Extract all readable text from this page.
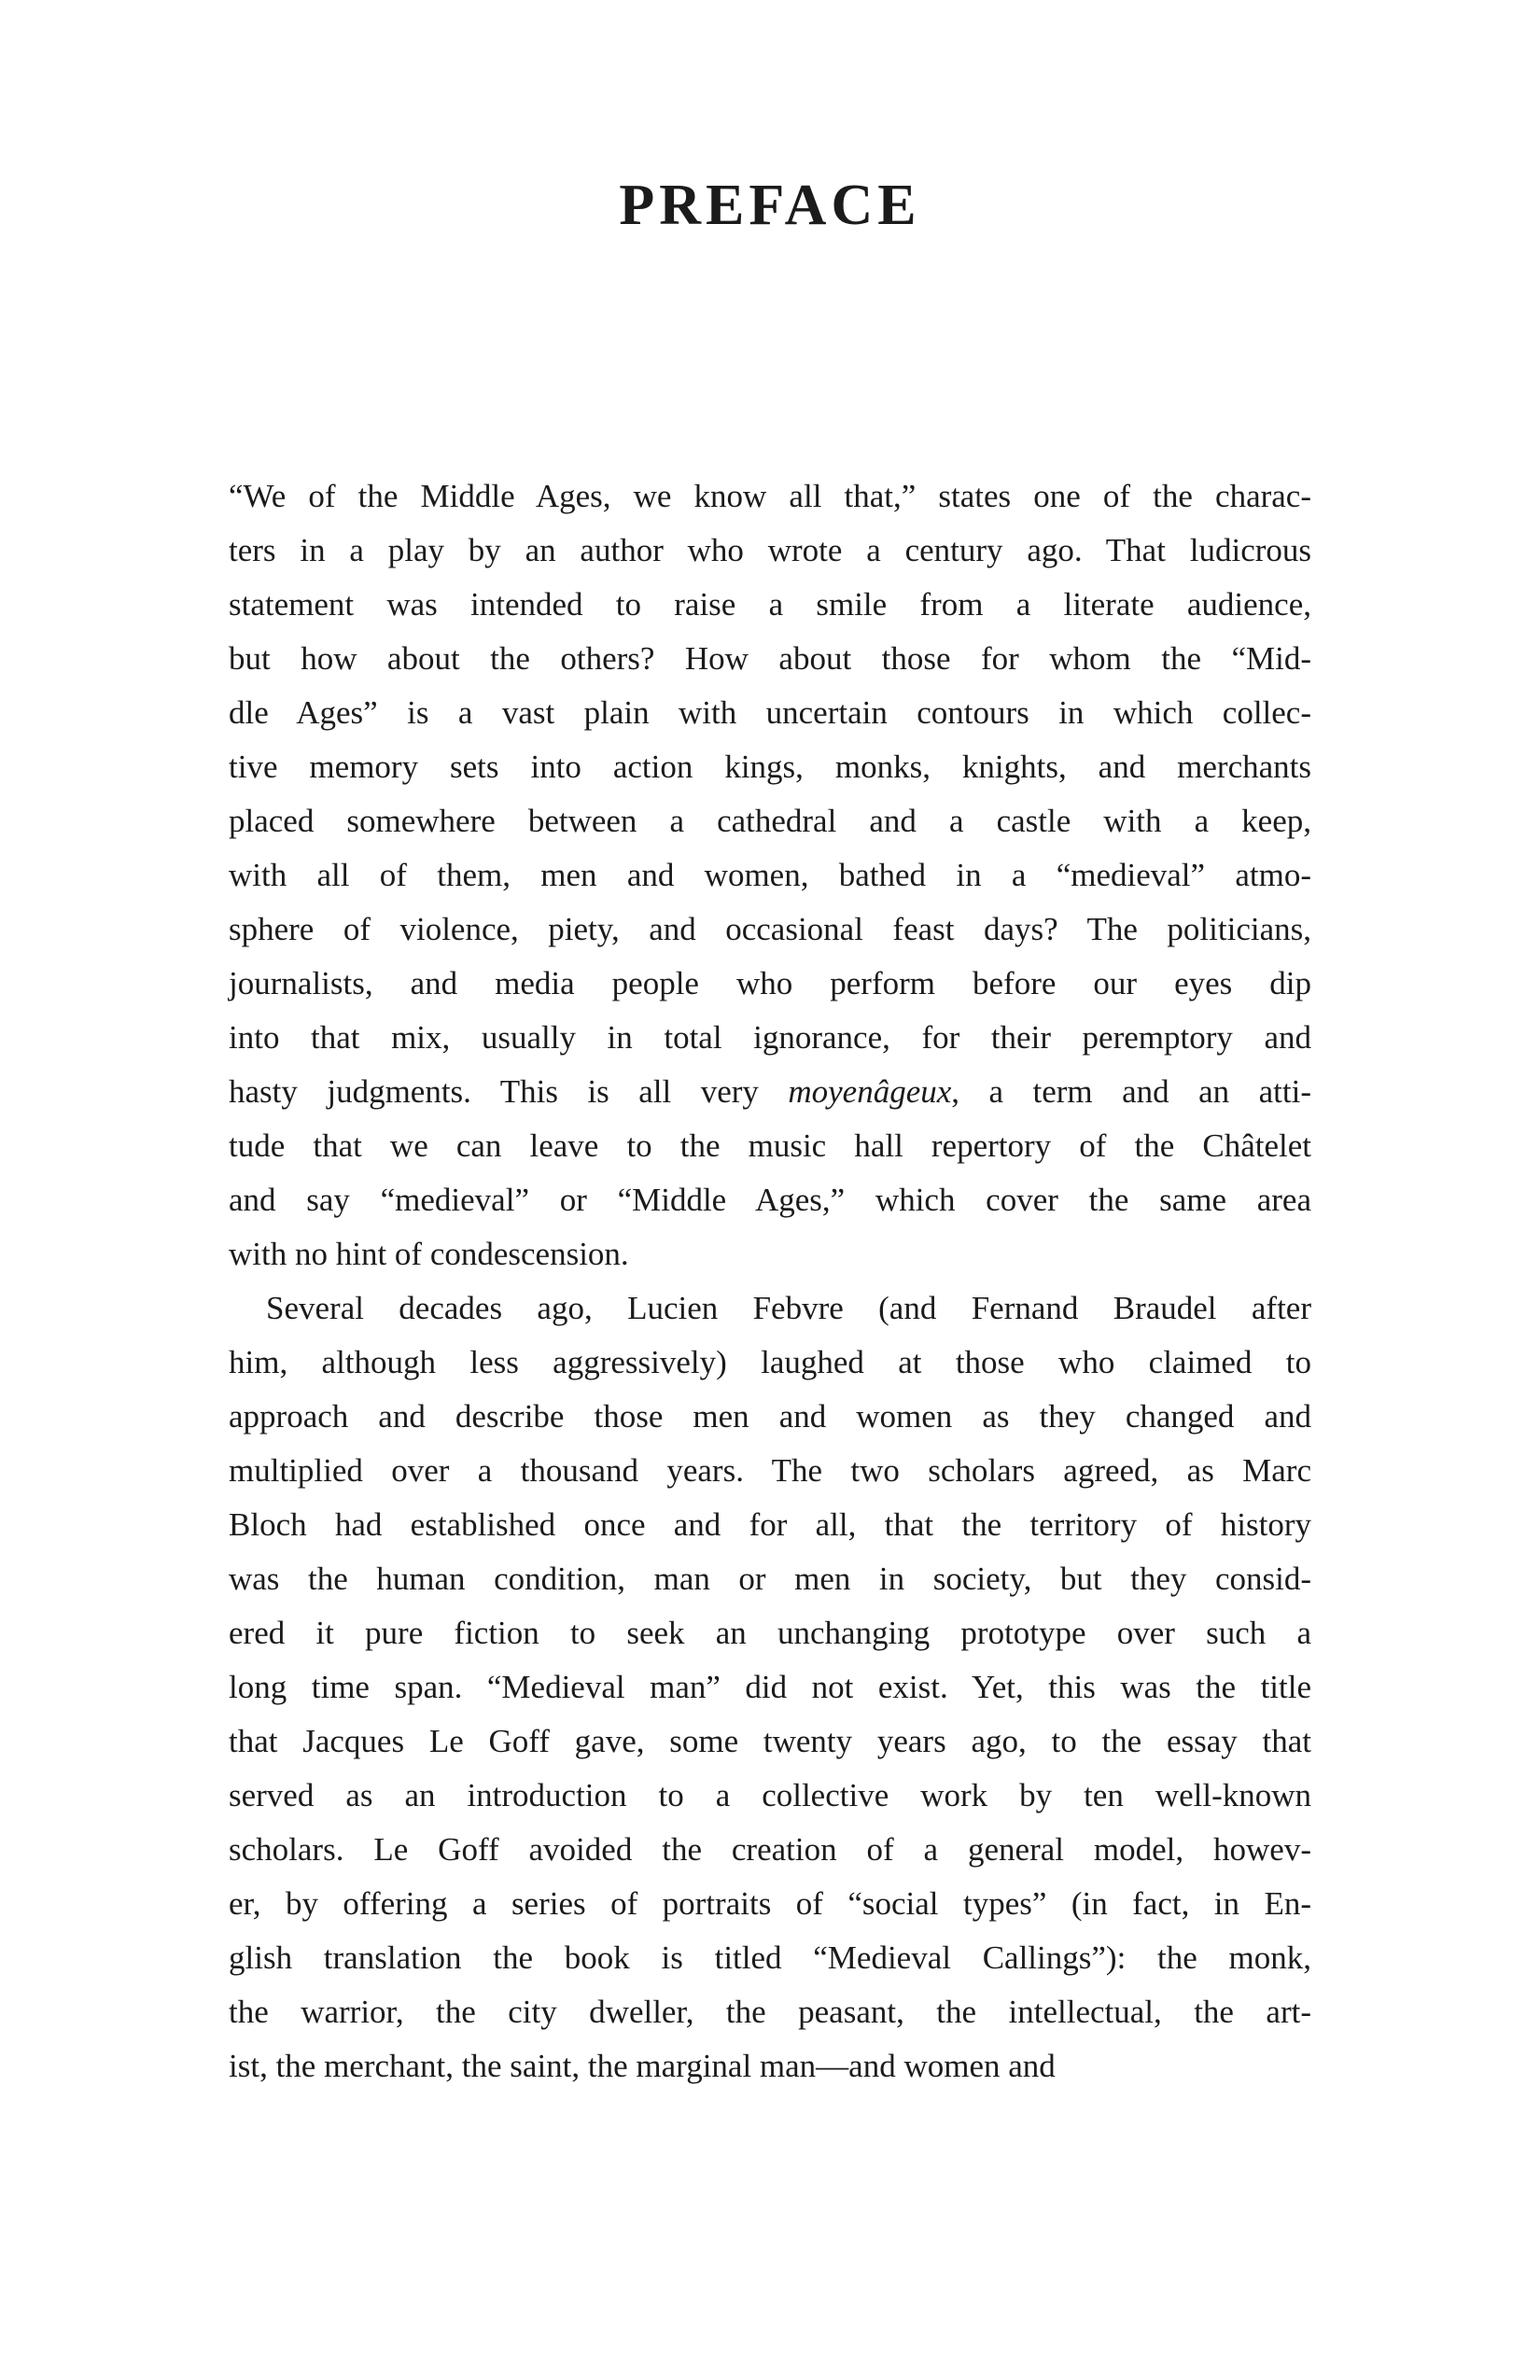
PREFACE
“We of the Middle Ages, we know all that,” states one of the charac-
ters in a play by an author who wrote a century ago. That ludicrous
statement was intended to raise a smile from a literate audience,
but how about the others? How about those for whom the “Mid-
dle Ages” is a vast plain with uncertain contours in which collec-
tive memory sets into action kings, monks, knights, and merchants
placed somewhere between a cathedral and a castle with a keep,
with all of them, men and women, bathed in a “medieval” atmo-
sphere of violence, piety, and occasional feast days? The politicians,
journalists, and media people who perform before our eyes dip
into that mix, usually in total ignorance, for their peremptory and
hasty judgments. This is all very moyenâgeux, a term and an atti-
tude that we can leave to the music hall repertory of the Châtelet
and say “medieval” or “Middle Ages,” which cover the same area
with no hint of condescension.
Several decades ago, Lucien Febvre (and Fernand Braudel after
him, although less aggressively) laughed at those who claimed to
approach and describe those men and women as they changed and
multiplied over a thousand years. The two scholars agreed, as Marc
Bloch had established once and for all, that the territory of history
was the human condition, man or men in society, but they consid-
ered it pure fiction to seek an unchanging prototype over such a
long time span. “Medieval man” did not exist. Yet, this was the title
that Jacques Le Goff gave, some twenty years ago, to the essay that
served as an introduction to a collective work by ten well-known
scholars. Le Goff avoided the creation of a general model, howev-
er, by offering a series of portraits of “social types” (in fact, in En-
glish translation the book is titled “Medieval Callings”): the monk,
the warrior, the city dweller, the peasant, the intellectual, the art-
ist, the merchant, the saint, the marginal man—and women and
